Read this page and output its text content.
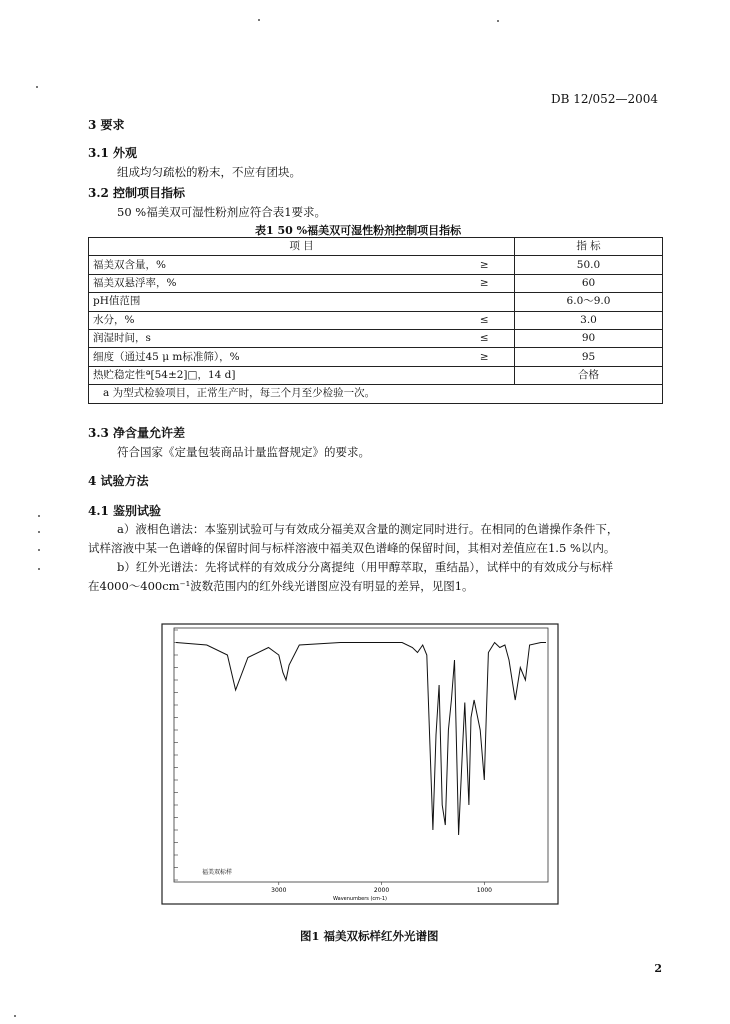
DB 12/052—2004
3 要求
3.1 外观
组成均匀疏松的粉末，不应有团块。
3.2 控制项目指标
50 %福美双可湿性粉剂应符合表1要求。
表1 50 %福美双可湿性粉剂控制项目指标
项 目		指 标
福美双含量，%	≥	50.0
福美双悬浮率，%	≥	60
pH值范围		6.0～9.0
水分，%	≤	3.0
润湿时间，s	≤	90
细度（通过45 μ m标准筛），%	≥	95
热贮稳定性ª[54±2]□，14 d]		合格
a 为型式检验项目，正常生产时，每三个月至少检验一次。		
3.3 净含量允许差
符合国家《定量包装商品计量监督规定》的要求。
4 试验方法
4.1 鉴别试验
a）液相色谱法：本鉴别试验可与有效成分福美双含量的测定同时进行。在相同的色谱操作条件下，
试样溶液中某一色谱峰的保留时间与标样溶液中福美双色谱峰的保留时间，其相对差值应在1.5 %以内。
b）红外光谱法：先将试样的有效成分分离提纯（用甲醇萃取，重结晶），试样中的有效成分与标样
在4000～400cm⁻¹波数范围内的红外线光谱图应没有明显的差异，见图1。
福美双标样
3000	2000	1000
Wavenumbers (cm-1)
图1 福美双标样红外光谱图
2
